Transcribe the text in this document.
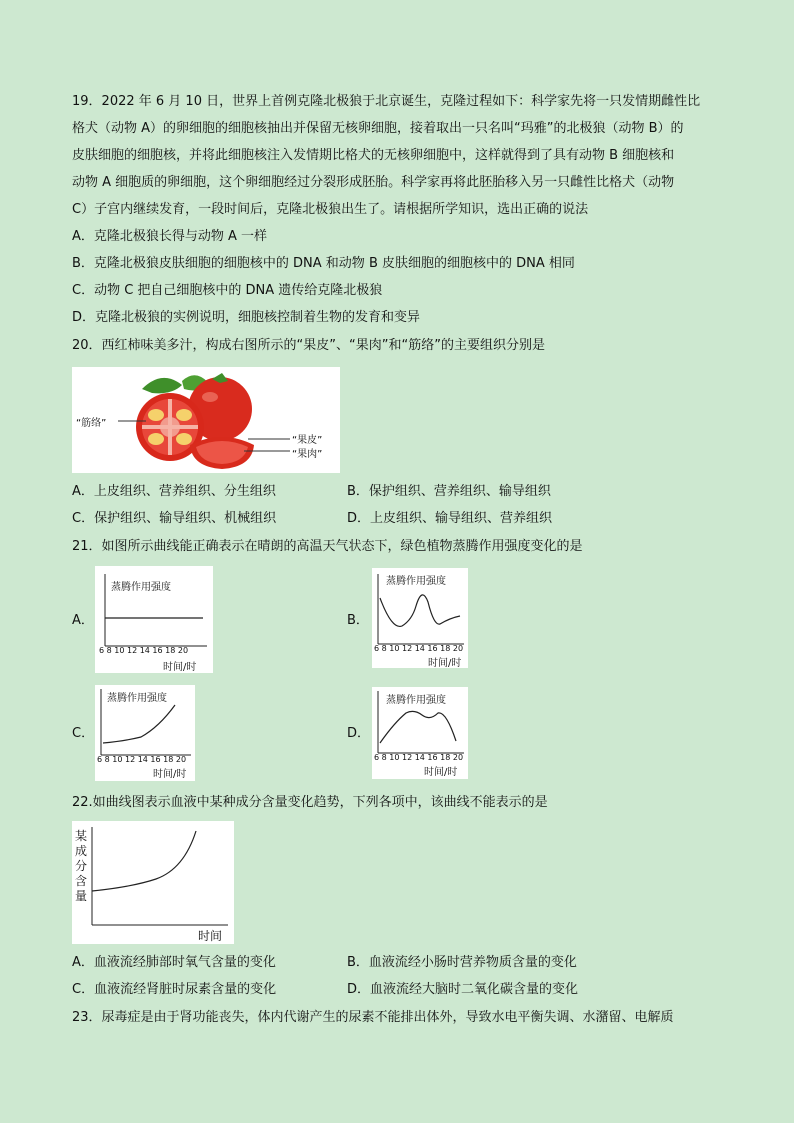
19．2022 年 6 月 10 日，世界上首例克隆北极狼于北京诞生，克隆过程如下：科学家先将一只发情期雌性比
格犬（动物 A）的卵细胞的细胞核抽出并保留无核卵细胞，接着取出一只名叫“玛雅”的北极狼（动物 B）的
皮肤细胞的细胞核，并将此细胞核注入发情期比格犬的无核卵细胞中，这样就得到了具有动物 B 细胞核和
动物 A 细胞质的卵细胞，这个卵细胞经过分裂形成胚胎。科学家再将此胚胎移入另一只雌性比格犬（动物
C）子宫内继续发育，一段时间后，克隆北极狼出生了。请根据所学知识，选出正确的说法
A．克隆北极狼长得与动物 A 一样
B．克隆北极狼皮肤细胞的细胞核中的 DNA 和动物 B 皮肤细胞的细胞核中的 DNA 相同
C．动物 C 把自己细胞核中的 DNA 遗传给克隆北极狼
D．克隆北极狼的实例说明，细胞核控制着生物的发育和变异
20．西红柿味美多汁，构成右图所示的“果皮”、“果肉”和“筋络”的主要组织分别是
“筋络”
“果皮”
“果肉”
A．上皮组织、营养组织、分生组织	B．保护组织、营养组织、输导组织
C．保护组织、输导组织、机械组织	D．上皮组织、输导组织、营养组织
21．如图所示曲线能正确表示在晴朗的高温天气状态下，绿色植物蒸腾作用强度变化的是
A．
蒸腾作用强度
6 8 10 12 14 16 18 20
时间/时
B．
蒸腾作用强度
6 8 10 12 14 16 18 20
时间/时
C．
蒸腾作用强度
6 8 10 12 14 16 18 20
时间/时
D．
蒸腾作用强度
6 8 10 12 14 16 18 20
时间/时
22.如曲线图表示血液中某种成分含量变化趋势，下列各项中，该曲线不能表示的是
某
成
分
含
量
时间
A．血液流经肺部时氧气含量的变化	B．血液流经小肠时营养物质含量的变化
C．血液流经肾脏时尿素含量的变化	D．血液流经大脑时二氧化碳含量的变化
23．尿毒症是由于肾功能丧失，体内代谢产生的尿素不能排出体外，导致水电平衡失调、水潴留、电解质
